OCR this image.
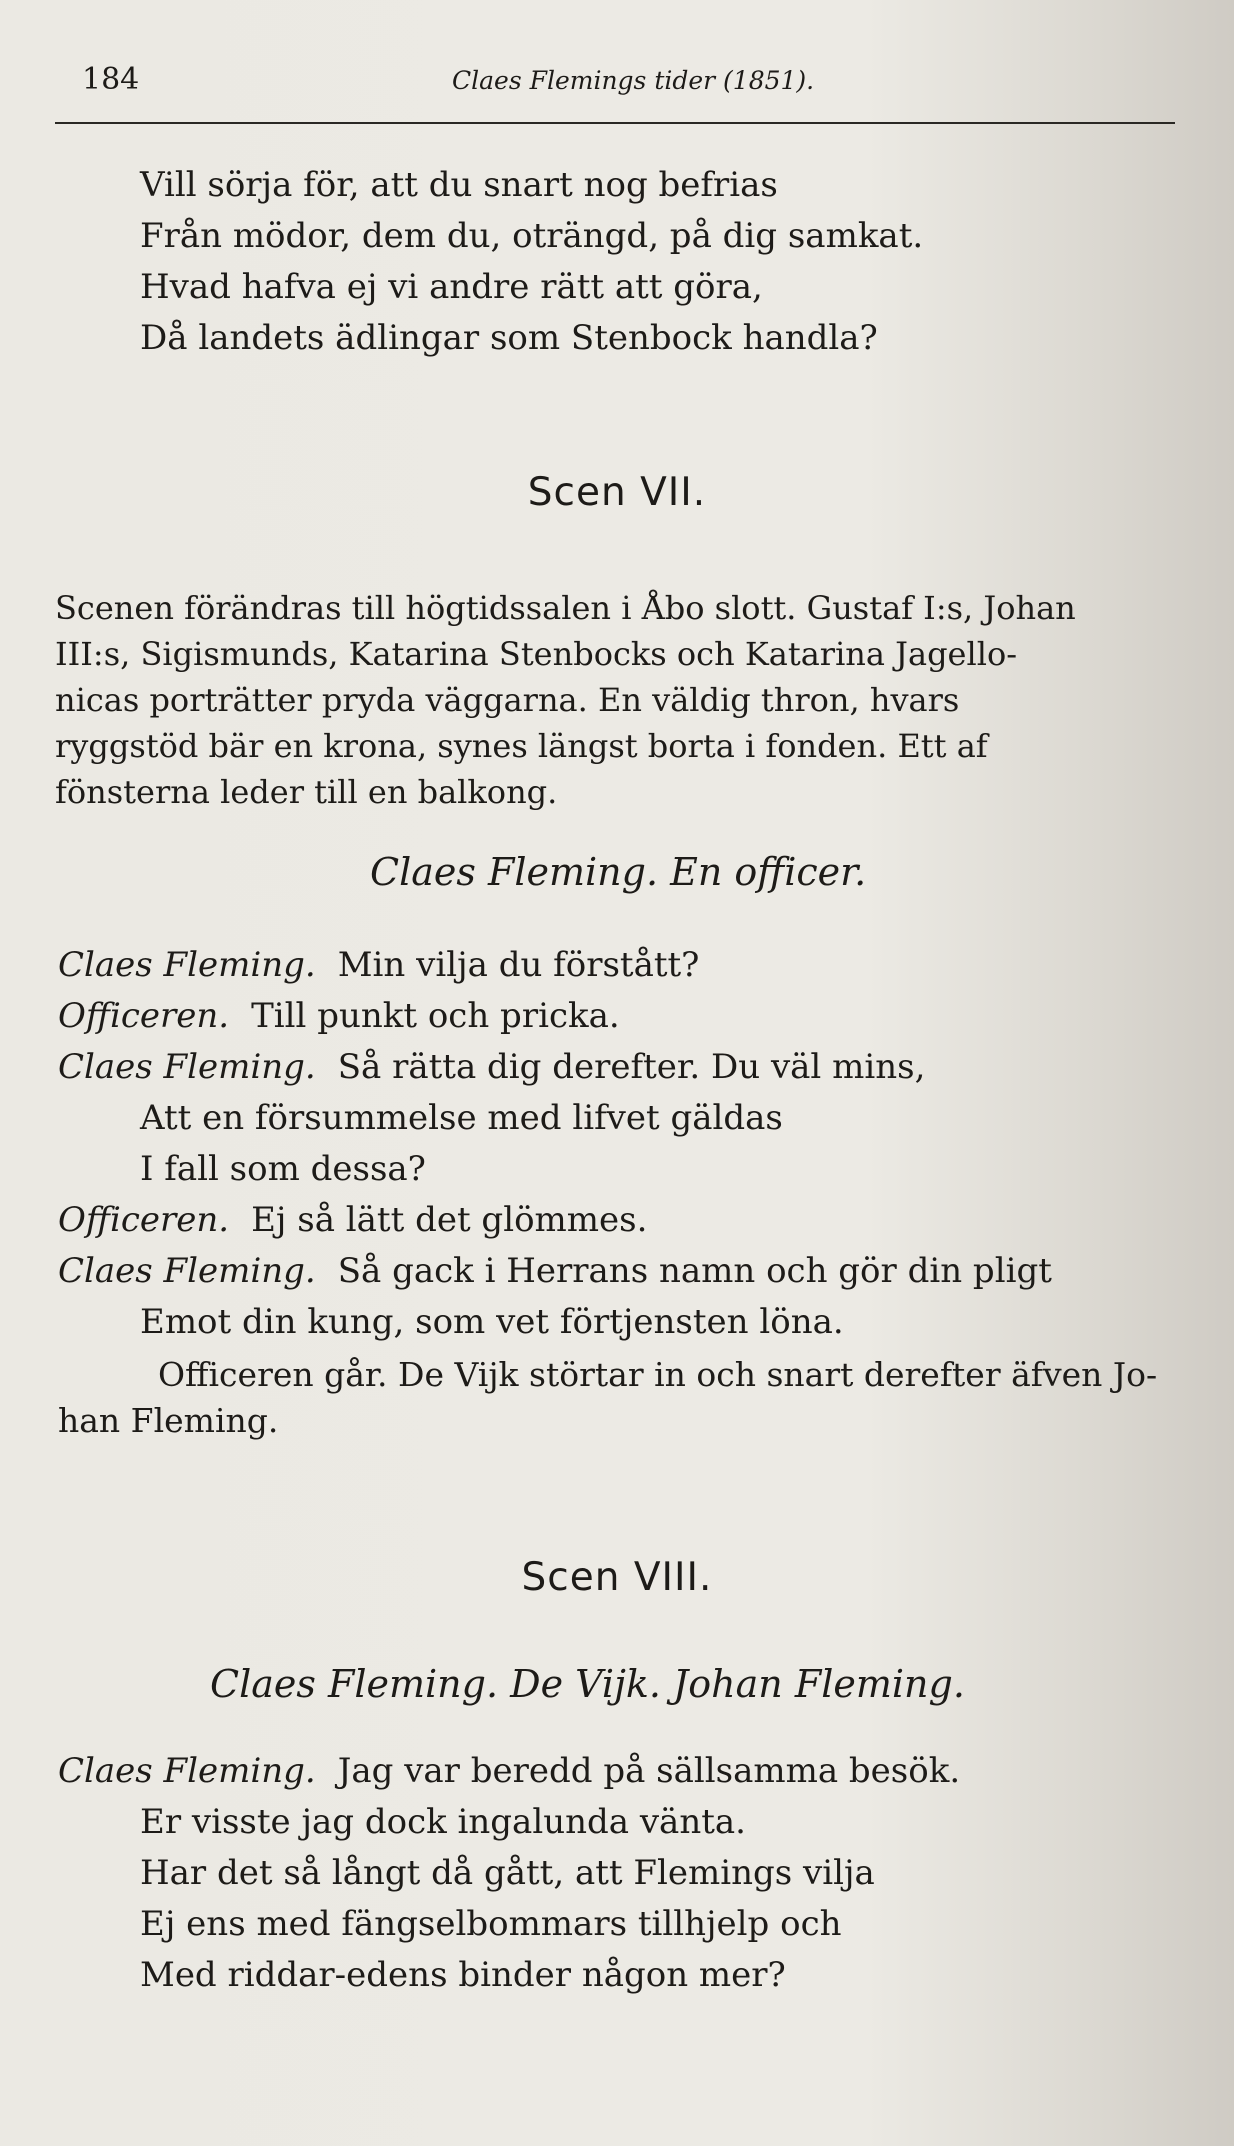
184	Claes Flemings tider (1851).
Vill sörja för, att du snart nog befrias
Från mödor, dem du, oträngd, på dig samkat.
Hvad hafva ej vi andre rätt att göra,
Då landets ädlingar som Stenbock handla?
Scen VII.
Scenen förändras till högtidssalen i Åbo slott. Gustaf I:s, Johan
III:s, Sigismunds, Katarina Stenbocks och Katarina Jagello-
nicas porträtter pryda väggarna. En väldig thron, hvars
ryggstöd bär en krona, synes längst borta i fonden. Ett af
fönsterna leder till en balkong.
Claes Fleming. En officer.
Claes Fleming. Min vilja du förstått?
Officeren. Till punkt och pricka.
Claes Fleming. Så rätta dig derefter. Du väl mins,
Att en försummelse med lifvet gäldas
I fall som dessa?
Officeren. Ej så lätt det glömmes.
Claes Fleming. Så gack i Herrans namn och gör din pligt
Emot din kung, som vet förtjensten löna.
Officeren går. De Vijk störtar in och snart derefter äfven Jo-
han Fleming.
Scen VIII.
Claes Fleming. De Vijk. Johan Fleming.
Claes Fleming. Jag var beredd på sällsamma besök.
Er visste jag dock ingalunda vänta.
Har det så långt då gått, att Flemings vilja
Ej ens med fängselbommars tillhjelp och
Med riddar-edens binder någon mer?
